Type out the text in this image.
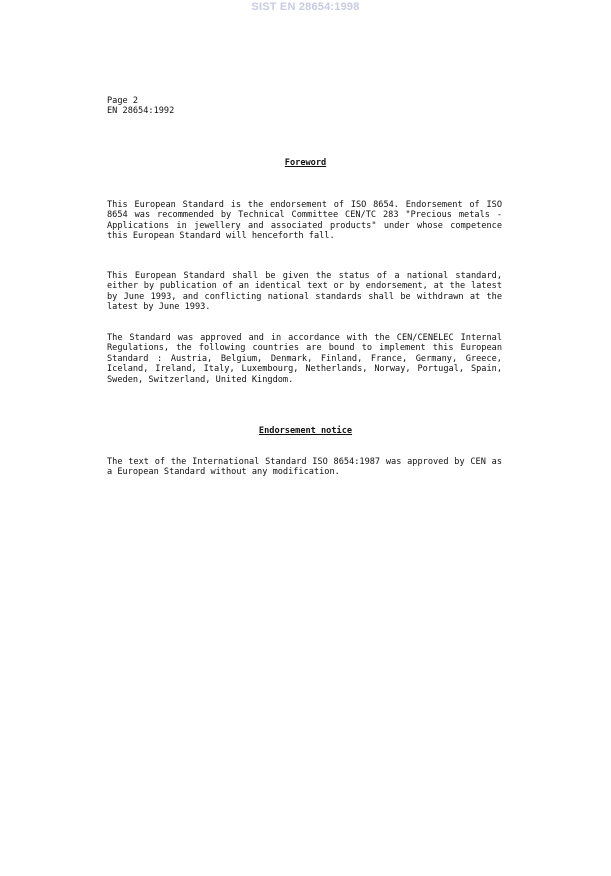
SIST EN 28654:1998
Page 2
EN 28654:1992
Foreword
This European Standard is the endorsement of ISO 8654. Endorsement of ISO 8654 was recommended by Technical Committee CEN/TC 283 "Precious metals - Applications in jewellery and associated products" under whose competence this European Standard will henceforth fall.
This European Standard shall be given the status of a national standard, either by publication of an identical text or by endorsement, at the latest by June 1993, and conflicting national standards shall be withdrawn at the latest by June 1993.
The Standard was approved and in accordance with the CEN/CENELEC Internal Regulations, the following countries are bound to implement this European Standard : Austria, Belgium, Denmark, Finland, France, Germany, Greece, Iceland, Ireland, Italy, Luxembourg, Netherlands, Norway, Portugal, Spain, Sweden, Switzerland, United Kingdom.
Endorsement notice
The text of the International Standard ISO 8654:1987 was approved by CEN as a European Standard without any modification.
